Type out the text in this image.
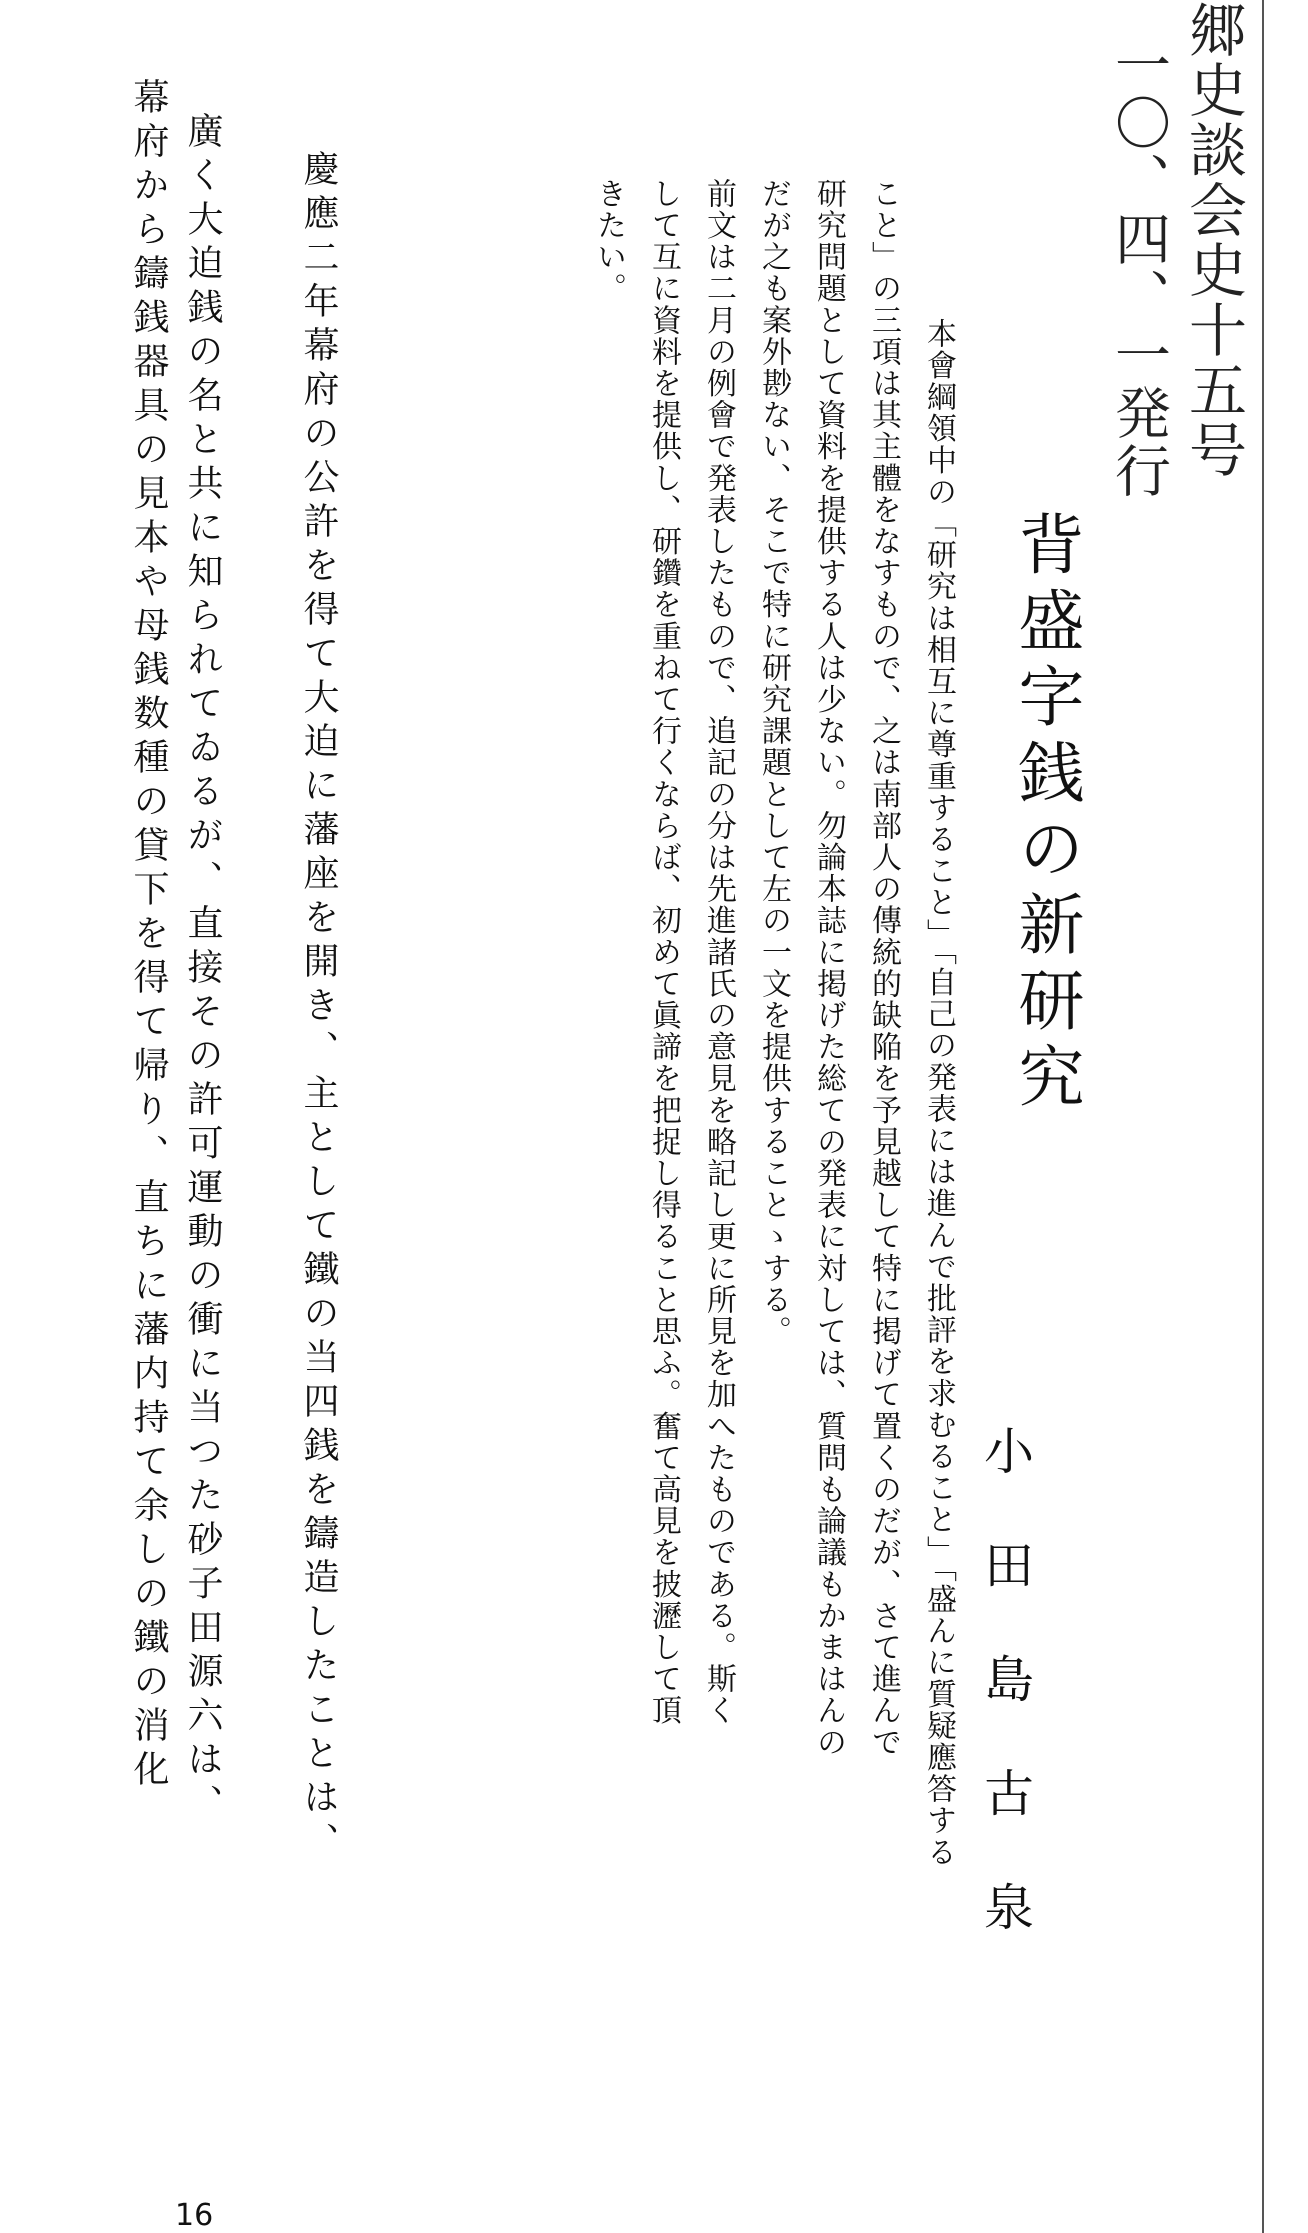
郷史談会史十五号

一〇、四、一発行

背盛字銭の新研究

小田島古泉

本會綱領中の「研究は相互に尊重すること」「自己の発表には進んで批評を求むること」「盛んに質疑應答する

こと」の三項は其主體をなすもので、之は南部人の傳統的缺陥を予見越して特に掲げて置くのだが、さて進んで

研究問題として資料を提供する人は少ない。勿論本誌に掲げた総ての発表に対しては、質問も論議もかまはんの

だが之も案外尠ない、そこで特に研究課題として左の一文を提供することゝする。

前文は二月の例會で発表したもので、追記の分は先進諸氏の意見を略記し更に所見を加へたものである。斯く

して互に資料を提供し、研鑽を重ねて行くならば、初めて眞諦を把捉し得ること思ふ。奮て高見を披瀝して頂

きたい。

慶應二年幕府の公許を得て大迫に藩座を開き、主として鐵の当四銭を鑄造したことは、

廣く大迫銭の名と共に知られてゐるが、直接その許可運動の衝に当つた砂子田源六は、

幕府から鑄銭器具の見本や母銭数種の貸下を得て帰り、直ちに藩内持て余しの鐵の消化

16
